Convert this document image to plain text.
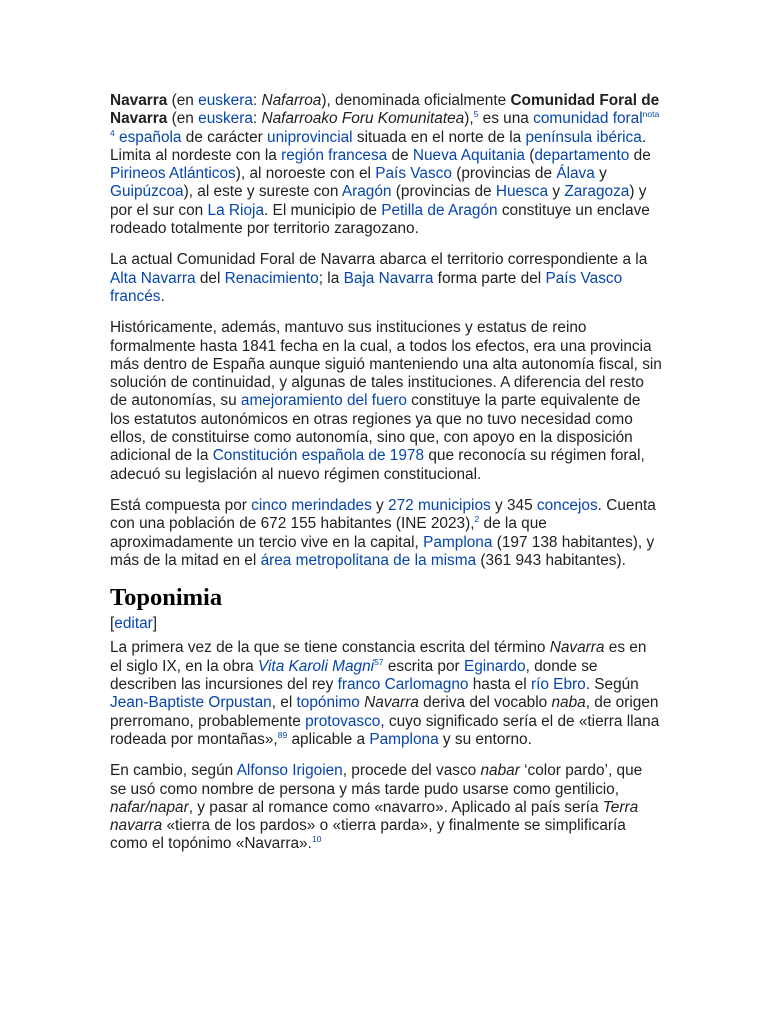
Navarra (en euskera: Nafarroa), denominada oficialmente Comunidad Foral de Navarra (en euskera: Nafarroako Foru Komunitatea),$^5$ es una comunidad foral$^{nota 4}$ española de carácter uniprovincial situada en el norte de la península ibérica. Limita al nordeste con la región francesa de Nueva Aquitania (departamento de Pirineos Atlánticos), al noroeste con el País Vasco (provincias de Álava y Guipúzcoa), al este y sureste con Aragón (provincias de Huesca y Zaragoza) y por el sur con La Rioja. El municipio de Petilla de Aragón constituye un enclave rodeado totalmente por territorio zaragozano.

La actual Comunidad Foral de Navarra abarca el territorio correspondiente a la Alta Navarra del Renacimiento; la Baja Navarra forma parte del País Vasco francés.

Históricamente, además, mantuvo sus instituciones y estatus de reino formalmente hasta 1841 fecha en la cual, a todos los efectos, era una provincia más dentro de España aunque siguió manteniendo una alta autonomía fiscal, sin solución de continuidad, y algunas de tales instituciones. A diferencia del resto de autonomías, su amejoramiento del fuero constituye la parte equivalente de los estatutos autonómicos en otras regiones ya que no tuvo necesidad como ellos, de constituirse como autonomía, sino que, con apoyo en la disposición adicional de la Constitución española de 1978 que reconocía su régimen foral, adecuó su legislación al nuevo régimen constitucional.

Está compuesta por cinco merindades y 272 municipios y 345 concejos. Cuenta con una población de 672 155 habitantes (INE 2023),$^2$ de la que aproximadamente un tercio vive en la capital, Pamplona (197 138 habitantes), y más de la mitad en el área metropolitana de la misma (361 943 habitantes).

Toponimia
[editar]

La primera vez de la que se tiene constancia escrita del término Navarra es en el siglo IX, en la obra Vita Karoli Magni$^{57}$ escrita por Eginardo, donde se describen las incursiones del rey franco Carlomagno hasta el río Ebro. Según Jean-Baptiste Orpustan, el topónimo Navarra deriva del vocablo naba, de origen prerromano, probablemente protovasco, cuyo significado sería el de «tierra llana rodeada por montañas»,$^{89}$ aplicable a Pamplona y su entorno.

En cambio, según Alfonso Irigoien, procede del vasco nabar ‘color pardo’, que se usó como nombre de persona y más tarde pudo usarse como gentilicio, nafar/napar, y pasar al romance como «navarro». Aplicado al país sería Terra navarra «tierra de los pardos» o «tierra parda», y finalmente se simplificaría como el topónimo «Navarra».$^{10}$
